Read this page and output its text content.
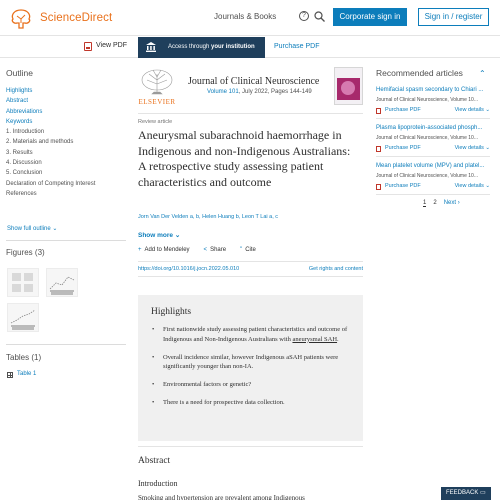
ScienceDirect	Journals & Books	?	Corporate sign in	Sign in / register
View PDF	Access through your institution	Purchase PDF
Outline
Highlights
Abstract
Abbreviations
Keywords
1. Introduction
2. Materials and methods
3. Results
4. Discussion
5. Conclusion
Declaration of Competing Interest
References
Show full outline ⌄
Figures (3)
Tables (1)
Table 1
ELSEVIER
Journal of Clinical Neuroscience
Volume 101, July 2022, Pages 144-149
Review article
Aneurysmal subarachnoid haemorrhage in Indigenous and non-Indigenous Australians: A retrospective study assessing patient characteristics and outcome
Jorn Van Der Velden a, b, Helen Huang b, Leon T Lai a, c
Show more ⌄
+ Add to Mendeley < Share " Cite
https://doi.org/10.1016/j.jocn.2022.05.010	Get rights and content
Highlights
• First nationwide study assessing patient characteristics and outcome of Indigenous and Non-Indigenous Australians with aneurysmal SAH.
• Overall incidence similar, however Indigenous aSAH patients were significantly younger than non-IA.
• Environmental factors or genetic?
• There is a need for prospective data collection.
Abstract
Introduction
Smoking and hypertension are prevalent among Indigenous
Recommended articles ⌃
Hemifacial spasm secondary to Chiari ...
Journal of Clinical Neuroscience, Volume 10...
Purchase PDF	View details ⌄
Plasma lipoprotein-associated phosph...
Journal of Clinical Neuroscience, Volume 10...
Purchase PDF	View details ⌄
Mean platelet volume (MPV) and platel...
Journal of Clinical Neuroscience, Volume 10...
Purchase PDF	View details ⌄
1 2 Next ›
FEEDBACK ▭
